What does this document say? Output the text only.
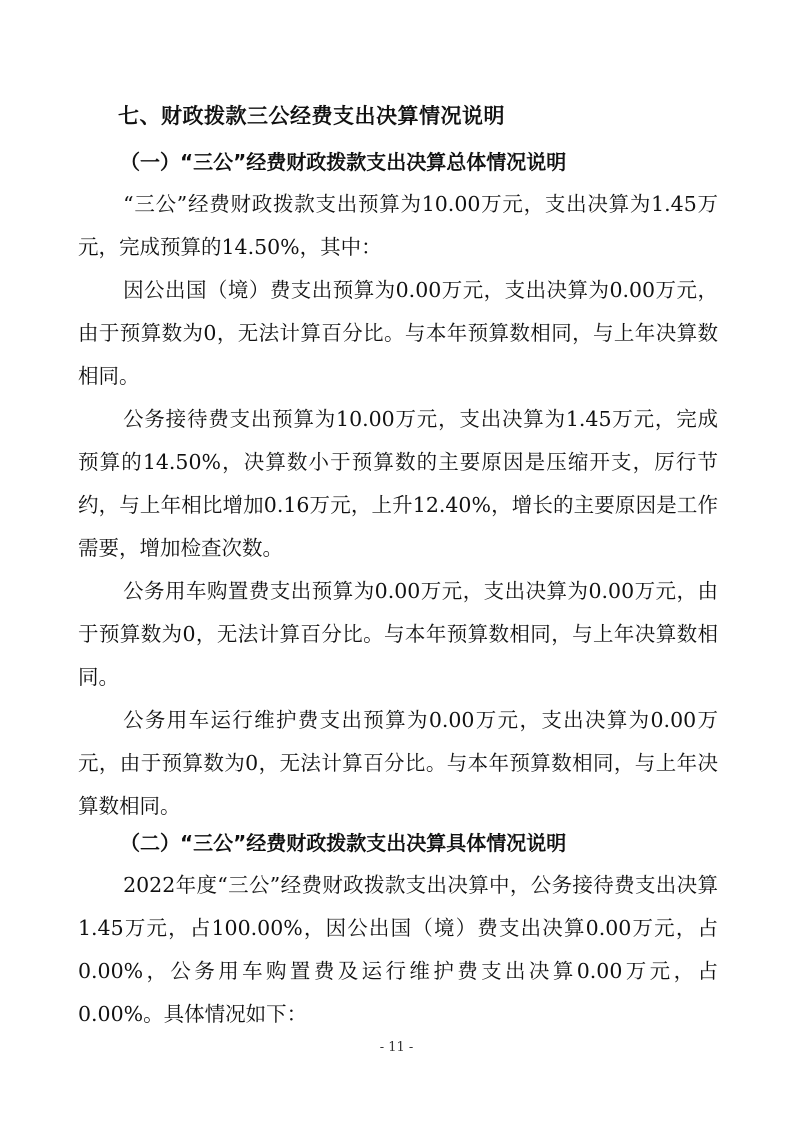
七、财政拨款三公经费支出决算情况说明
（一）“三公”经费财政拨款支出决算总体情况说明

“三公”经费财政拨款支出预算为10.00万元，支出决算为1.45万元，完成预算的14.50%，其中：

因公出国（境）费支出预算为0.00万元，支出决算为0.00万元，由于预算数为0，无法计算百分比。与本年预算数相同，与上年决算数相同。

公务接待费支出预算为10.00万元，支出决算为1.45万元，完成预算的14.50%，决算数小于预算数的主要原因是压缩开支，厉行节约，与上年相比增加0.16万元，上升12.40%，增长的主要原因是工作需要，增加检查次数。

公务用车购置费支出预算为0.00万元，支出决算为0.00万元，由于预算数为0，无法计算百分比。与本年预算数相同，与上年决算数相同。

公务用车运行维护费支出预算为0.00万元，支出决算为0.00万元，由于预算数为0，无法计算百分比。与本年预算数相同，与上年决算数相同。

（二）“三公”经费财政拨款支出决算具体情况说明

2022年度“三公”经费财政拨款支出决算中，公务接待费支出决算1.45万元，占100.00%，因公出国（境）费支出决算0.00万元，占0.00%，公务用车购置费及运行维护费支出决算0.00万元，占0.00%。具体情况如下：

- 11 -
